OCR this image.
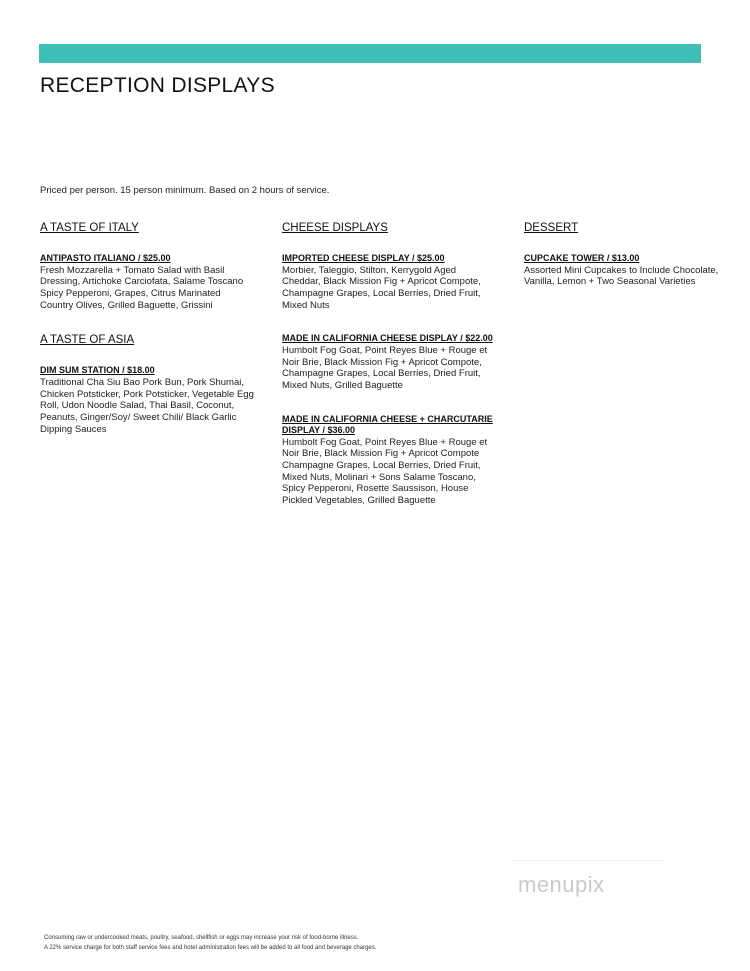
RECEPTION DISPLAYS
Priced per person. 15 person minimum. Based on 2 hours of service.
A TASTE OF ITALY
ANTIPASTO ITALIANO / $25.00
Fresh Mozzarella + Tomato Salad with Basil Dressing, Artichoke Carciofata, Salame Toscano Spicy Pepperoni, Grapes, Citrus Marinated Country Olives, Grilled Baguette, Grissini
A TASTE OF ASIA
DIM SUM STATION / $18.00
Traditional Cha Siu Bao Pork Bun, Pork Shumai, Chicken Potsticker, Pork Potsticker, Vegetable Egg Roll, Udon Noodle Salad, Thai Basil, Coconut, Peanuts, Ginger/Soy/ Sweet Chili/ Black Garlic Dipping Sauces
CHEESE DISPLAYS
IMPORTED CHEESE DISPLAY / $25.00
Morbier, Taleggio, Stilton, Kerrygold Aged Cheddar, Black Mission Fig + Apricot Compote, Champagne Grapes, Local Berries, Dried Fruit, Mixed Nuts
MADE IN CALIFORNIA CHEESE DISPLAY / $22.00
Humbolt Fog Goat, Point Reyes Blue + Rouge et Noir Brie, Black Mission Fig + Apricot Compote, Champagne Grapes, Local Berries, Dried Fruit, Mixed Nuts, Grilled Baguette
MADE IN CALIFORNIA CHEESE + CHARCUTARIE DISPLAY / $36.00
Humbolt Fog Goat, Point Reyes Blue + Rouge et Noir Brie, Black Mission Fig + Apricot Compote Champagne Grapes, Local Berries, Dried Fruit, Mixed Nuts, Molinari + Sons Salame Toscano, Spicy Pepperoni, Rosette Saussison, House Pickled Vegetables, Grilled Baguette
DESSERT
CUPCAKE TOWER / $13.00
Assorted Mini Cupcakes to Include Chocolate, Vanilla, Lemon + Two Seasonal Varieties
menupix
Consuming raw or undercooked meats, poultry, seafood, shellfish or eggs may increase your risk of food-borne illness.
A 22% service charge for both staff service fees and hotel administration fees will be added to all food and beverage charges.
